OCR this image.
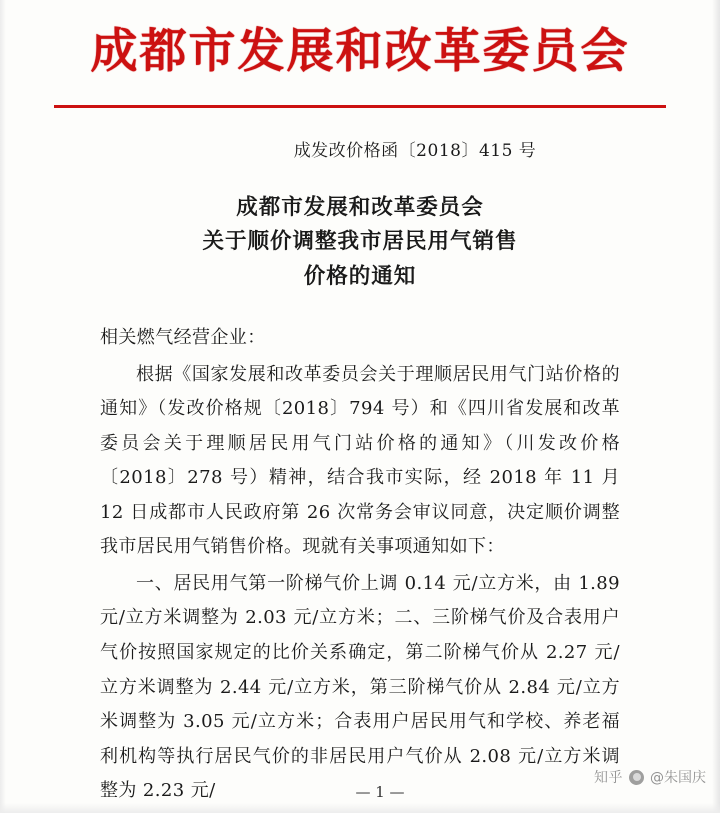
成都市发展和改革委员会
成发改价格函〔2018〕415 号
成都市发展和改革委员会
关于顺价调整我市居民用气销售
价格的通知

相关燃气经营企业：

根据《国家发展和改革委员会关于理顺居民用气门站价格的通知》（发改价格规〔2018〕794 号）和《四川省发展和改革委员会关于理顺居民用气门站价格的通知》（川发改价格〔2018〕278 号）精神，结合我市实际，经 2018 年 11 月 12 日成都市人民政府第 26 次常务会审议同意，决定顺价调整我市居民用气销售价格。现就有关事项通知如下：

一、居民用气第一阶梯气价上调 0.14 元/立方米，由 1.89 元/立方米调整为 2.03 元/立方米；二、三阶梯气价及合表用户气价按照国家规定的比价关系确定，第二阶梯气价从 2.27 元/立方米调整为 2.44 元/立方米，第三阶梯气价从 2.84 元/立方米调整为 3.05 元/立方米；合表用户居民用气和学校、养老福利机构等执行居民气价的非居民用户气价从 2.08 元/立方米调整为 2.23 元/	— 1 —
知乎 @朱国庆
